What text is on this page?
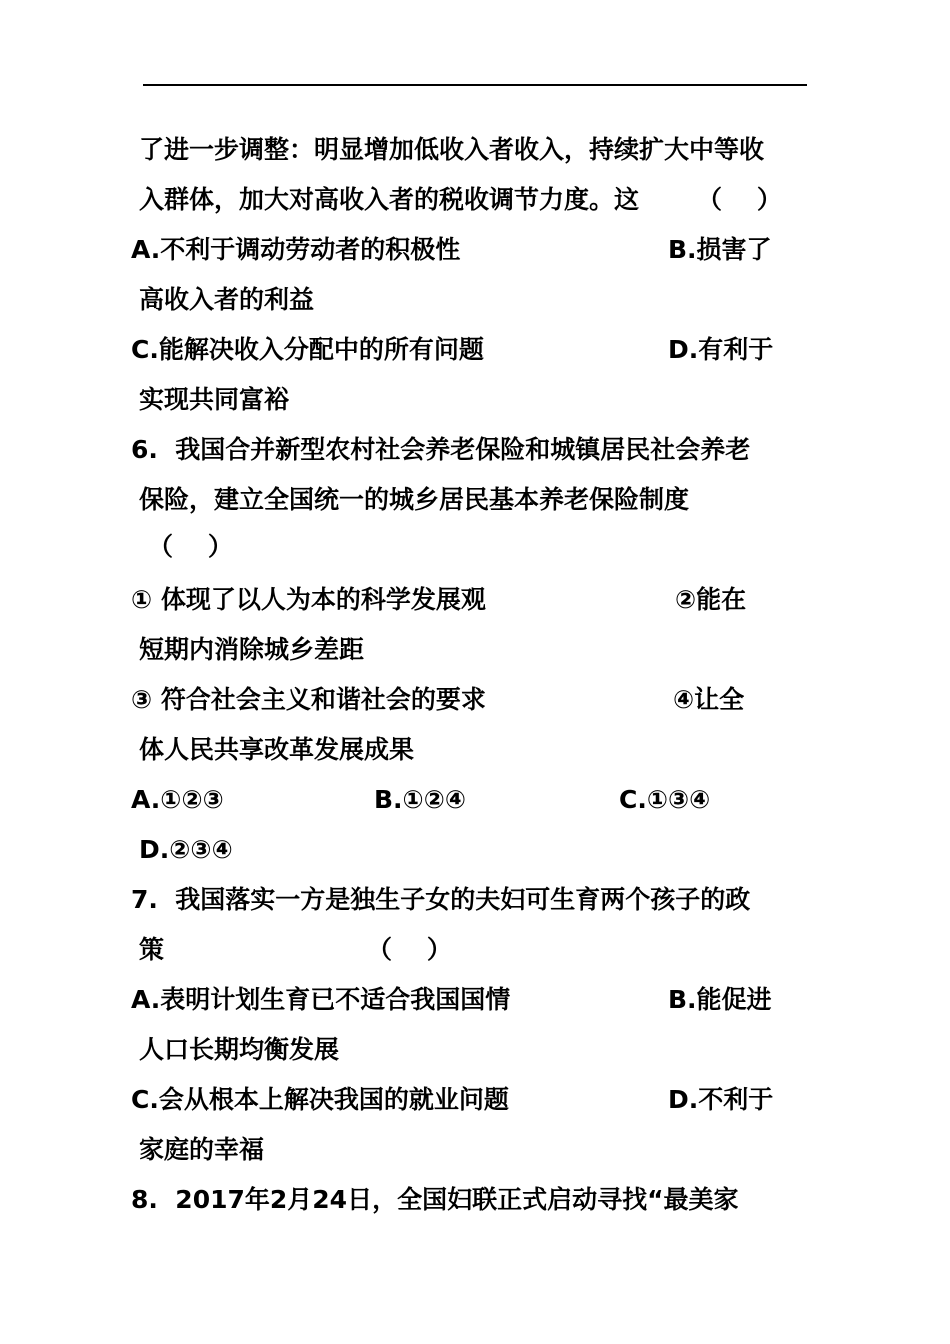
了进一步调整：明显增加低收入者收入，持续扩大中等收
入群体，加大对高收入者的税收调节力度。这 （    ）
A.不利于调动劳动者的积极性	B.损害了
高收入者的利益
C.能解决收入分配中的所有问题	D.有利于
实现共同富裕
6.  我国合并新型农村社会养老保险和城镇居民社会养老
保险，建立全国统一的城乡居民基本养老保险制度
（    ）
① 体现了以人为本的科学发展观	②能在
短期内消除城乡差距
③ 符合社会主义和谐社会的要求	④让全
体人民共享改革发展成果
A.①②③	B.①②④	C.①③④
D.②③④
7.  我国落实一方是独生子女的夫妇可生育两个孩子的政
策	（    ）
A.表明计划生育已不适合我国国情	B.能促进
人口长期均衡发展
C.会从根本上解决我国的就业问题	D.不利于
家庭的幸福
8.  2017年2月24日，全国妇联正式启动寻找“最美家
